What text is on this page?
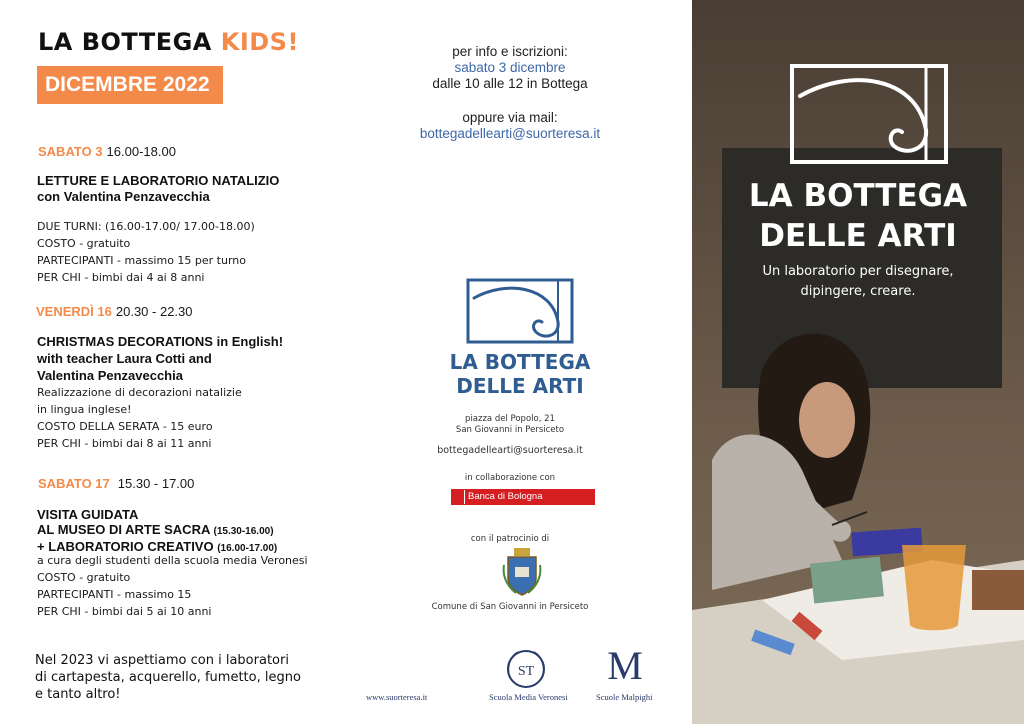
LA BOTTEGA KIDS!
DICEMBRE 2022
SABATO 3 16.00-18.00
LETTURE E LABORATORIO NATALIZIO
con Valentina Penzavecchia
DUE TURNI: (16.00-17.00/ 17.00-18.00)
COSTO - gratuito
PARTECIPANTI - massimo 15 per turno
PER CHI - bimbi dai 4 ai 8 anni
VENERDÌ 16 20.30 - 22.30
CHRISTMAS DECORATIONS in English!
with teacher Laura Cotti and
Valentina Penzavecchia
Realizzazione di decorazioni natalizie
in lingua inglese!
COSTO DELLA SERATA - 15 euro
PER CHI - bimbi dai 8 ai 11 anni
SABATO 17 15.30 - 17.00
VISITA GUIDATA
AL MUSEO DI ARTE SACRA (15.30-16.00)
+ LABORATORIO CREATIVO (16.00-17.00)
a cura degli studenti della scuola media Veronesi
COSTO - gratuito
PARTECIPANTI - massimo 15
PER CHI - bimbi dai 5 ai 10 anni
Nel 2023 vi aspettiamo con i laboratori
di cartapesta, acquerello, fumetto, legno
e tanto altro!
per info e iscrizioni:
sabato 3 dicembre
dalle 10 alle 12 in Bottega
oppure via mail:
bottegadellearti@suorteresa.it
LA BOTTEGA
DELLE ARTI
piazza del Popolo, 21
San Giovanni in Persiceto
bottegadellearti@suorteresa.it
in collaborazione con
Banca di Bologna
con il patrocinio di
Comune di San Giovanni in Persiceto
www.suorteresa.it
ST
Scuola Media Veronesi
M
Scuole Malpighi
LA BOTTEGA
DELLE ARTI
Un laboratorio per disegnare,
dipingere, creare.
